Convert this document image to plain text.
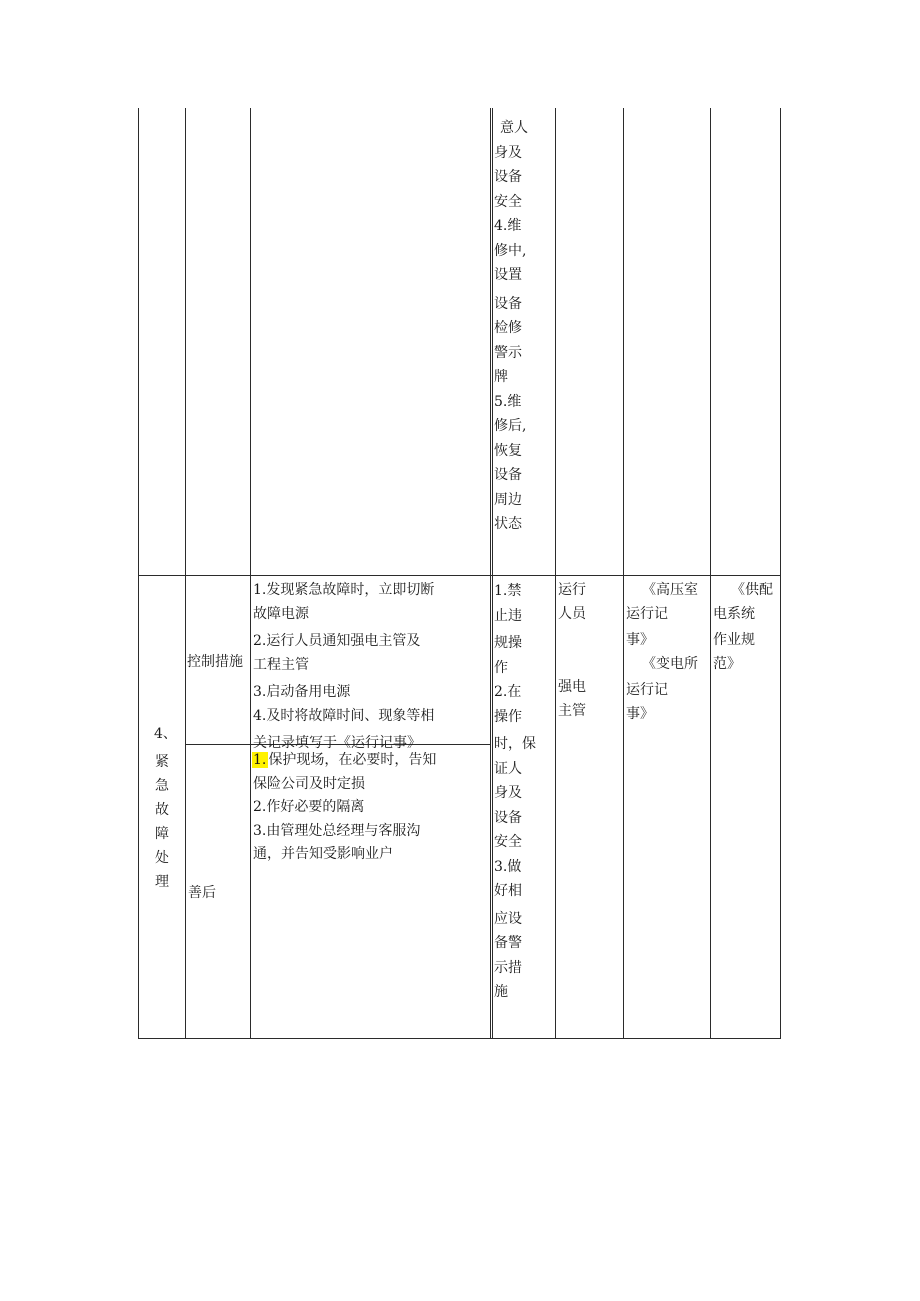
意人
身及
设备
安全
4.维
修中,
设置
设备
检修
警示
牌
5.维
修后,
恢复
设备
周边
状态
4、
紧
急
故
障
处
理
控制措施
善后
1.发现紧急故障时，立即切断
故障电源
2.运行人员通知强电主管及
工程主管
3.启动备用电源
4.及时将故障时间、现象等相
关记录填写于《运行记事》
1. 保护现场，在必要时，告知
保险公司及时定损
2.作好必要的隔离
3.由管理处总经理与客服沟
通，并告知受影响业户
1.禁
止违
规操
作
2.在
操作
时，保
证人
身及
设备
安全
3.做
好相
应设
备警
示措
施
运行
人员
强电
主管
《高压室
运行记
事》
《变电所
运行记
事》
《供配
电系统
作业规
范》
